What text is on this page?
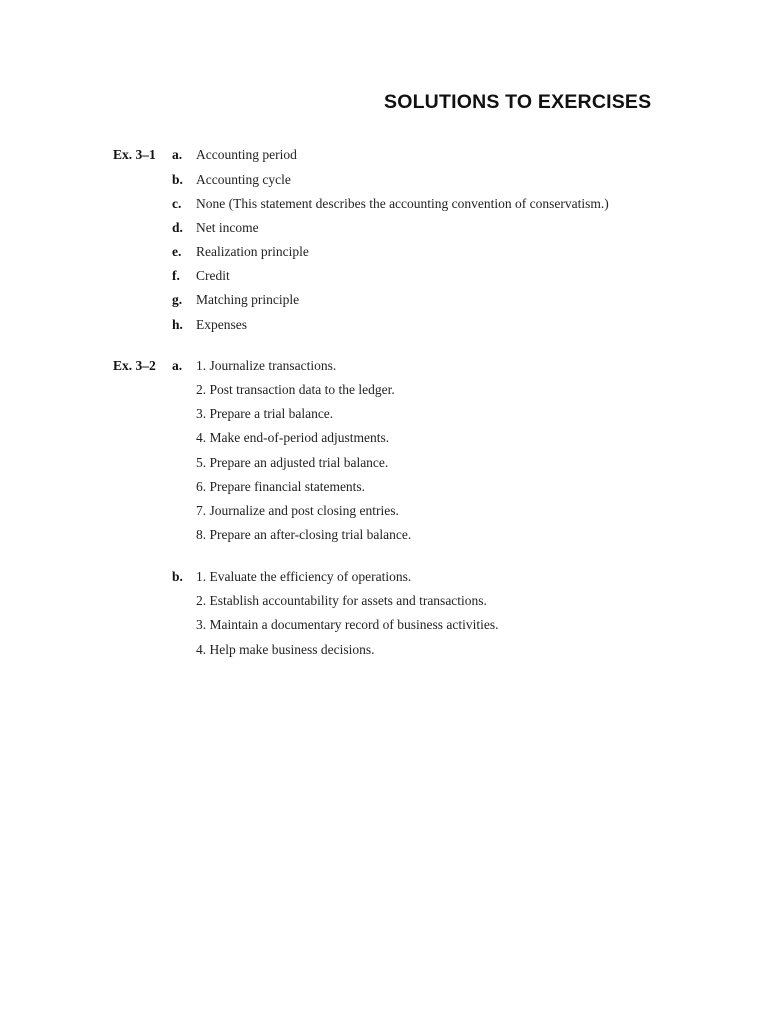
SOLUTIONS TO EXERCISES
Ex. 3–1 a. Accounting period
b. Accounting cycle
c. None (This statement describes the accounting convention of conservatism.)
d. Net income
e. Realization principle
f. Credit
g. Matching principle
h. Expenses
Ex. 3–2 a. 1. Journalize transactions.
2. Post transaction data to the ledger.
3. Prepare a trial balance.
4. Make end-of-period adjustments.
5. Prepare an adjusted trial balance.
6. Prepare financial statements.
7. Journalize and post closing entries.
8. Prepare an after-closing trial balance.
b. 1. Evaluate the efficiency of operations.
2. Establish accountability for assets and transactions.
3. Maintain a documentary record of business activities.
4. Help make business decisions.
